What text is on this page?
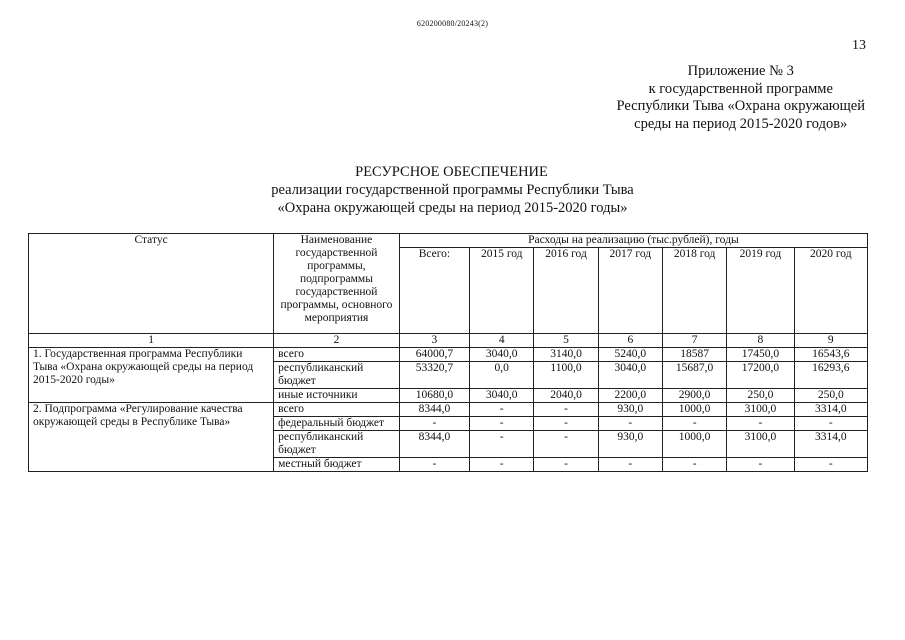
620200080/20243(2)
13
Приложение № 3
к государственной программе
Республики Тыва «Охрана окружающей
среды на период 2015-2020 годов»
РЕСУРСНОЕ ОБЕСПЕЧЕНИЕ
реализации государственной программы Республики Тыва
«Охрана окружающей среды на период 2015-2020 годы»
Статус	Наименование государственной программы, подпрограммы государственной программы, основного мероприятия	Расходы на реализацию (тыс.рублей), годы						
		Всего:	2015 год	2016 год	2017 год	2018 год	2019 год	2020 год
1	2	3	4	5	6	7	8	9
1. Государственная программа Республики Тыва «Охрана окружающей среды на период 2015-2020 годы»	всего	64000,7	3040,0	3140,0	5240,0	18587	17450,0	16543,6
	республиканский бюджет	53320,7	0,0	1100,0	3040,0	15687,0	17200,0	16293,6
	иные источники	10680,0	3040,0	2040,0	2200,0	2900,0	250,0	250,0
2. Подпрограмма «Регулирование качества окружающей среды в Республике Тыва»	всего	8344,0	-	-	930,0	1000,0	3100,0	3314,0
	федеральный бюджет	-	-	-	-	-	-	-
	республиканский бюджет	8344,0	-	-	930,0	1000,0	3100,0	3314,0
	местный бюджет	-	-	-	-	-	-	-
